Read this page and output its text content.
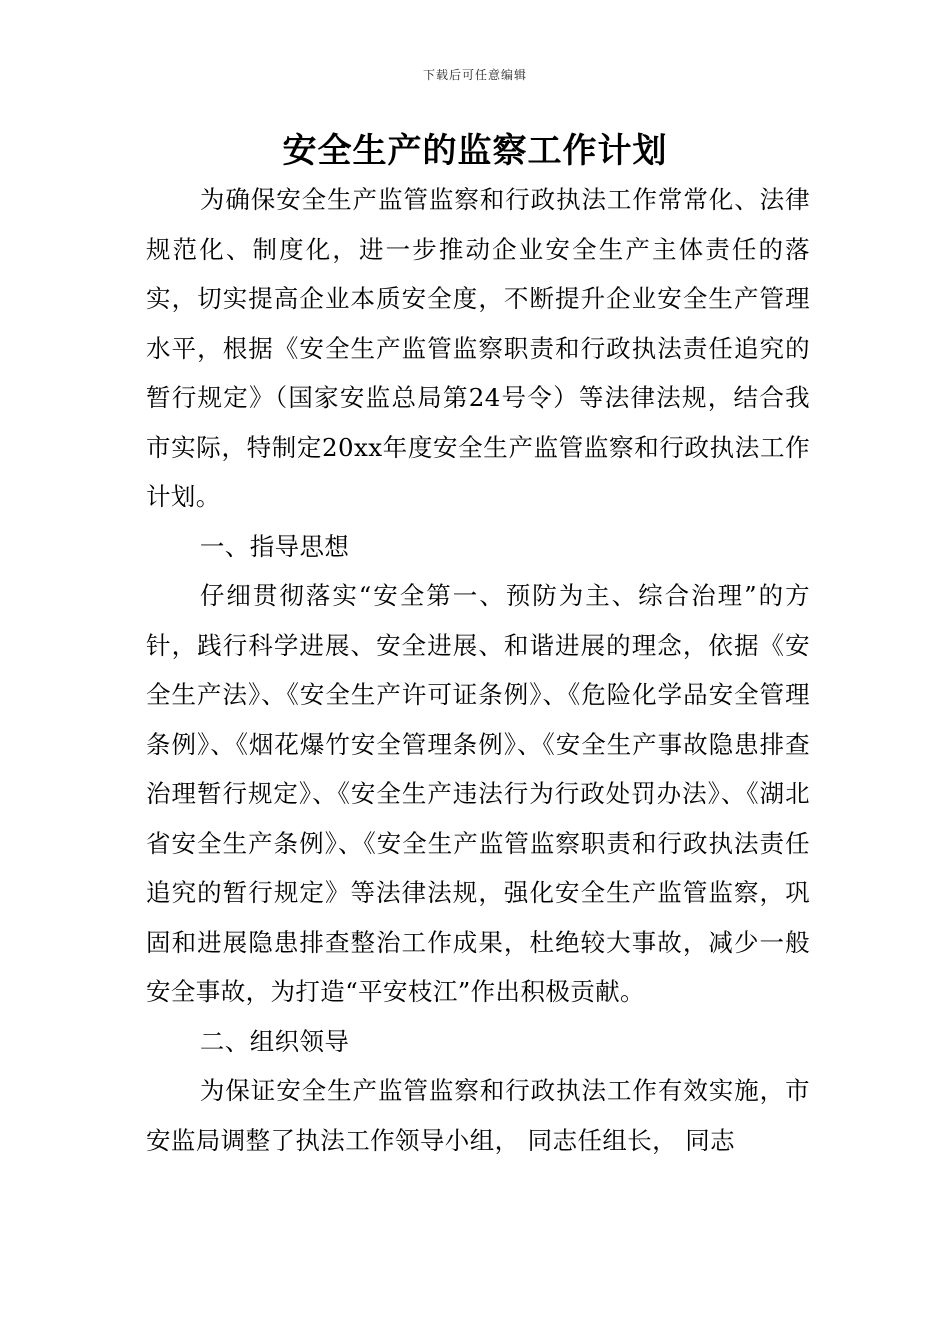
下载后可任意编辑
安全生产的监察工作计划

为确保安全生产监管监察和行政执法工作常常化、法律规范化、制度化，进一步推动企业安全生产主体责任的落实，切实提高企业本质安全度，不断提升企业安全生产管理水平，根据《安全生产监管监察职责和行政执法责任追究的暂行规定》（国家安监总局第24号令）等法律法规，结合我市实际，特制定20xx年度安全生产监管监察和行政执法工作计划。

一、指导思想

仔细贯彻落实“安全第一、预防为主、综合治理”的方针，践行科学进展、安全进展、和谐进展的理念，依据《安全生产法》、《安全生产许可证条例》、《危险化学品安全管理条例》、《烟花爆竹安全管理条例》、《安全生产事故隐患排查治理暂行规定》、《安全生产违法行为行政处罚办法》、《湖北省安全生产条例》、《安全生产监管监察职责和行政执法责任追究的暂行规定》等法律法规，强化安全生产监管监察，巩固和进展隐患排查整治工作成果，杜绝较大事故，减少一般安全事故，为打造“平安枝江”作出积极贡献。

二、组织领导

为保证安全生产监管监察和行政执法工作有效实施，市安监局调整了执法工作领导小组， 同志任组长， 同志
